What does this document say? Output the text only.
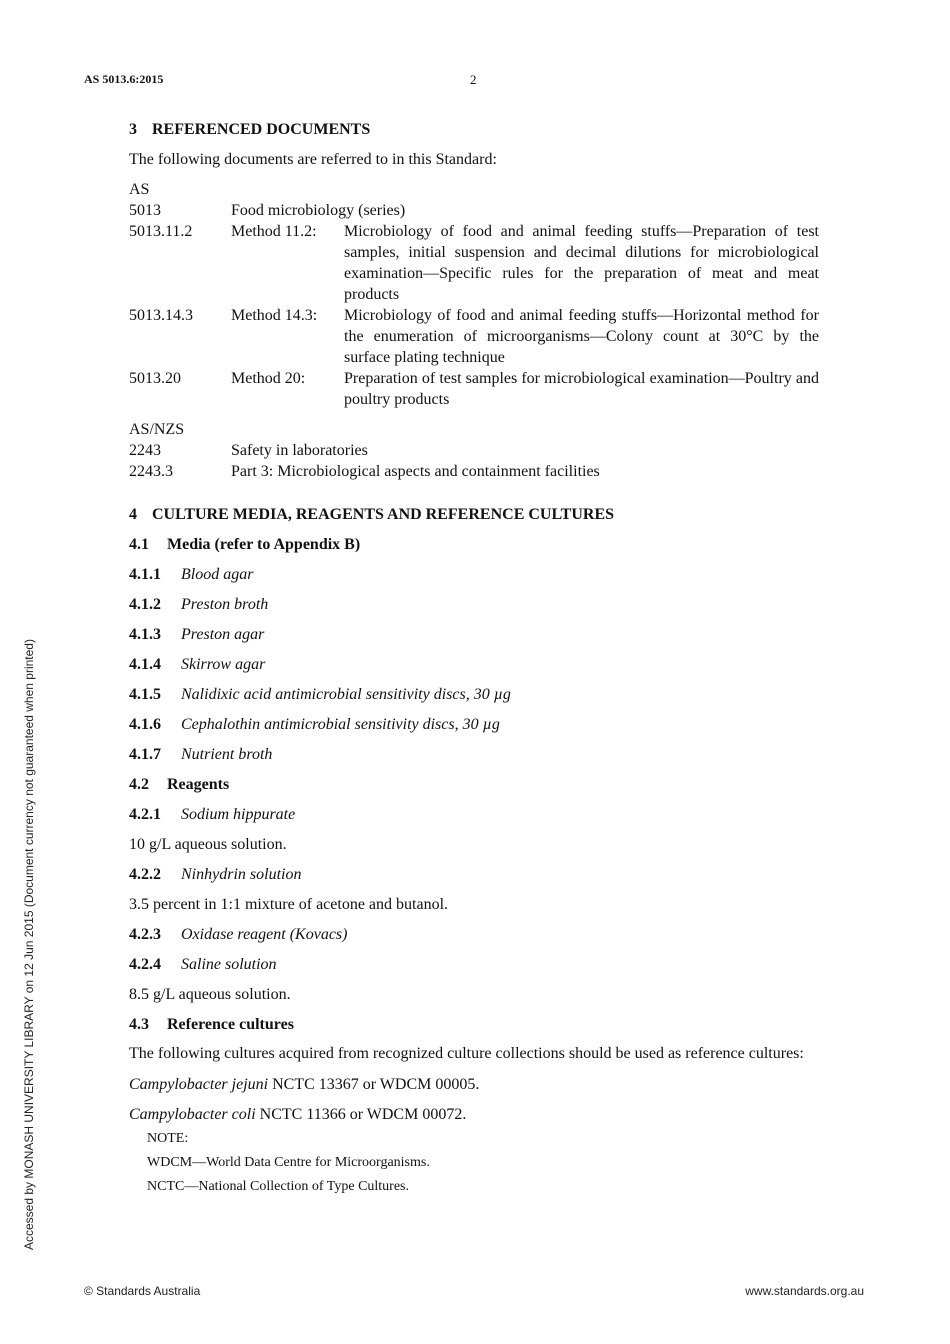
AS 5013.6:2015	2
Accessed by MONASH UNIVERSITY LIBRARY on 12 Jun 2015 (Document currency not guaranteed when printed)

3 REFERENCED DOCUMENTS

The following documents are referred to in this Standard:

AS

5013	Food microbiology (series)
5013.11.2	Method 11.2:	Microbiology of food and animal feeding stuffs—Preparation of test samples, initial suspension and decimal dilutions for microbiological examination—Specific rules for the preparation of meat and meat products
5013.14.3	Method 14.3:	Microbiology of food and animal feeding stuffs—Horizontal method for the enumeration of microorganisms—Colony count at 30°C by the surface plating technique
5013.20	Method 20:	Preparation of test samples for microbiological examination—Poultry and poultry products

AS/NZS

2243	Safety in laboratories
2243.3	Part 3: Microbiological aspects and containment facilities

4 CULTURE MEDIA, REAGENTS AND REFERENCE CULTURES

4.1 Media (refer to Appendix B)

4.1.1 Blood agar

4.1.2 Preston broth

4.1.3 Preston agar

4.1.4 Skirrow agar

4.1.5 Nalidixic acid antimicrobial sensitivity discs, 30 µg

4.1.6 Cephalothin antimicrobial sensitivity discs, 30 µg

4.1.7 Nutrient broth

4.2 Reagents

4.2.1 Sodium hippurate

10 g/L aqueous solution.

4.2.2 Ninhydrin solution

3.5 percent in 1:1 mixture of acetone and butanol.

4.2.3 Oxidase reagent (Kovacs)

4.2.4 Saline solution

8.5 g/L aqueous solution.

4.3 Reference cultures

The following cultures acquired from recognized culture collections should be used as reference cultures:

Campylobacter jejuni NCTC 13367 or WDCM 00005.

Campylobacter coli NCTC 11366 or WDCM 00072.

NOTE:
WDCM—World Data Centre for Microorganisms.
NCTC—National Collection of Type Cultures.
© Standards Australia	www.standards.org.au
